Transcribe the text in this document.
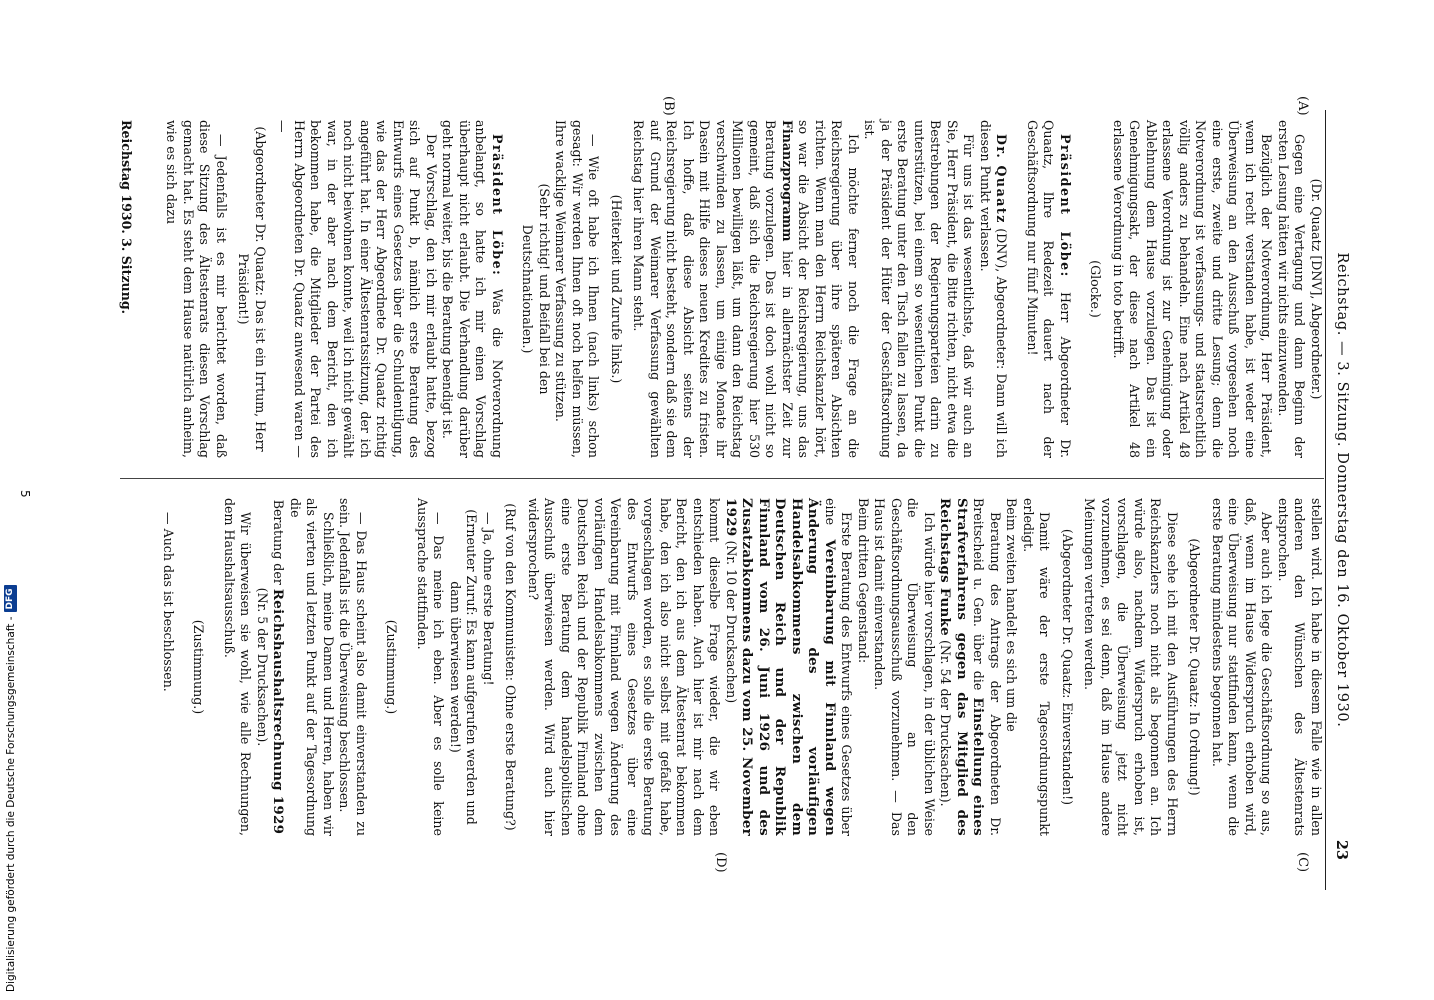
Reichstag. — 3. Sitzung. Donnerstag den 16. Oktober 1930.
23
(A)
(B)
(C)
(D)

(Dr. Quaatz [DNV], Abgeordneter.)

Gegen eine Vertagung und dann Beginn der ersten Lesung hätten wir nichts einzuwenden.

Bezüglich der Notverordnung, Herr Präsident, wenn ich recht verstanden habe, ist weder eine Überweisung an den Ausschuß vorgesehen noch eine erste, zweite und dritte Lesung; denn die Notverordnung ist verfassungs- und staatsrechtlich völlig anders zu behandeln. Eine nach Artikel 48 erlassene Verordnung ist zur Genehmigung oder Ablehnung dem Hause vorzulegen. Das ist ein Genehmigungsakt, der diese nach Artikel 48 erlassene Verordnung in toto betrifft.

(Glocke.)

Präsident Löbe: Herr Abgeordneter Dr. Quaatz, Ihre Redezeit dauert nach der Geschäftsordnung nur fünf Minuten!

Dr. Quaatz (DNV), Abgeordneter: Dann will ich diesen Punkt verlassen.

Für uns ist das wesentlichste, daß wir auch an Sie, Herr Präsident, die Bitte richten, nicht etwa die Bestrebungen der Regierungsparteien darin zu unterstützen, bei einem so wesentlichen Punkt die erste Beratung unter den Tisch fallen zu lassen, da ja der Präsident der Hüter der Geschäftsordnung ist.

Ich möchte ferner noch die Frage an die Reichsregierung über ihre späteren Absichten richten. Wenn man den Herrn Reichskanzler hört, so war die Absicht der Reichsregierung, uns das Finanzprogramm hier in allernächster Zeit zur Beratung vorzulegen. Das ist doch wohl nicht so gemeint, daß sich die Reichsregierung hier 530 Millionen bewilligen läßt, um dann den Reichstag verschwinden zu lassen, um einige Monate ihr Dasein mit Hilfe dieses neuen Kredites zu fristen. Ich hoffe, daß diese Absicht seitens der Reichsregierung nicht besteht, sondern daß sie dem auf Grund der Weimarer Verfassung gewählten Reichstag hier ihren Mann steht.

(Heiterkeit und Zurufe links.)

— Wie oft habe ich Ihnen (nach links) schon gesagt: Wir werden Ihnen oft noch helfen müssen, Ihre wacklige Weimarer Verfassung zu stützen.

(Sehr richtig! und Beifall bei den Deutschnationalen.)

Präsident Löbe: Was die Notverordnung anbelangt, so hatte ich mir einen Vorschlag überhaupt nicht erlaubt. Die Verhandlung darüber geht normal weiter, bis die Beratung beendigt ist.

Der Vorschlag, den ich mir erlaubt hatte, bezog sich auf Punkt b, nämlich erste Beratung des Entwurfs eines Gesetzes über die Schuldentilgung, wie das der Herr Abgeordnete Dr. Quaatz richtig angeführt hat. In einer Ältestenratssitzung, der ich noch nicht beiwohnen konnte, weil ich nicht gewählt war, in der aber nach dem Bericht, den ich bekommen habe, die Mitglieder der Partei des Herrn Abgeordneten Dr. Quaatz anwesend waren — —

(Abgeordneter Dr. Quaatz: Das ist ein Irrtum, Herr Präsident!)

— Jedenfalls ist es mir berichtet worden, daß diese Sitzung des Ältestenrats diesen Vorschlag gemacht hat. Es steht dem Hause natürlich anheim, wie es sich dazu

stellen wird. Ich habe in diesem Falle wie in allen anderen den Wünschen des Ältestenrats entsprochen.

Aber auch ich lege die Geschäftsordnung so aus, daß, wenn im Hause Widerspruch erhoben wird, eine Überweisung nur stattfinden kann, wenn die erste Beratung mindestens begonnen hat.

(Abgeordneter Dr. Quaatz: In Ordnung!)

Diese sehe ich mit den Ausführungen des Herrn Reichskanzlers noch nicht als begonnen an. Ich würde also, nachdem Widerspruch erhoben ist, vorschlagen, die Überweisung jetzt nicht vorzunehmen, es sei denn, daß im Hause andere Meinungen vertreten werden.

(Abgeordneter Dr. Quaatz: Einverstanden!)

Damit wäre der erste Tagesordnungspunkt erledigt.

Beim zweiten handelt es sich um die

Beratung des Antrags der Abgeordneten Dr. Breitscheid u. Gen. über die Einstellung eines Strafverfahrens gegen das Mitglied des Reichstags Funke (Nr. 54 der Drucksachen).

Ich würde hier vorschlagen, in der üblichen Weise die Überweisung an den Geschäftsordnungsausschuß vorzunehmen. — Das Haus ist damit einverstanden.

Beim dritten Gegenstand:

Erste Beratung des Entwurfs eines Gesetzes über eine Vereinbarung mit Finnland wegen Änderung des vorläufigen Handelsabkommens zwischen dem Deutschen Reich und der Republik Finnland vom 26. Juni 1926 und des Zusatzabkommens dazu vom 25. November 1929 (Nr. 10 der Drucksachen)

kommt dieselbe Frage wieder, die wir eben entschieden haben. Auch hier ist mir nach dem Bericht, den ich aus dem Ältestenrat bekommen habe, den ich also nicht selbst mit gefaßt habe, vorgeschlagen worden, es solle die erste Beratung des Entwurfs eines Gesetzes über eine Vereinbarung mit Finnland wegen Änderung des vorläufigen Handelsabkommens zwischen dem Deutschen Reich und der Republik Finnland ohne eine erste Beratung dem handelspolitischen Ausschuß überwiesen werden. Wird auch hier widersprochen?

(Ruf von den Kommunisten: Ohne erste Beratung?)

— Ja, ohne erste Beratung!

(Erneuter Zuruf: Es kann aufgerufen werden und dann überwiesen werden!)

— Das meine ich eben. Aber es solle keine Aussprache stattfinden.

(Zustimmung.)

— Das Haus scheint also damit einverstanden zu sein. Jedenfalls ist die Überweisung beschlossen.

Schließlich, meine Damen und Herren, haben wir als vierten und letzten Punkt auf der Tagesordnung die

Beratung der Reichshaushaltsrechnung 1929 (Nr. 5 der Drucksachen).

Wir überweisen sie wohl, wie alle Rechnungen, dem Haushaltsausschuß.

(Zustimmung.)

— Auch das ist beschlossen.

Reichstag 1930. 3. Sitzung.
5
Digitalisierung gefördert durch die Deutsche Forschungsgemeinschaft -
DFG
